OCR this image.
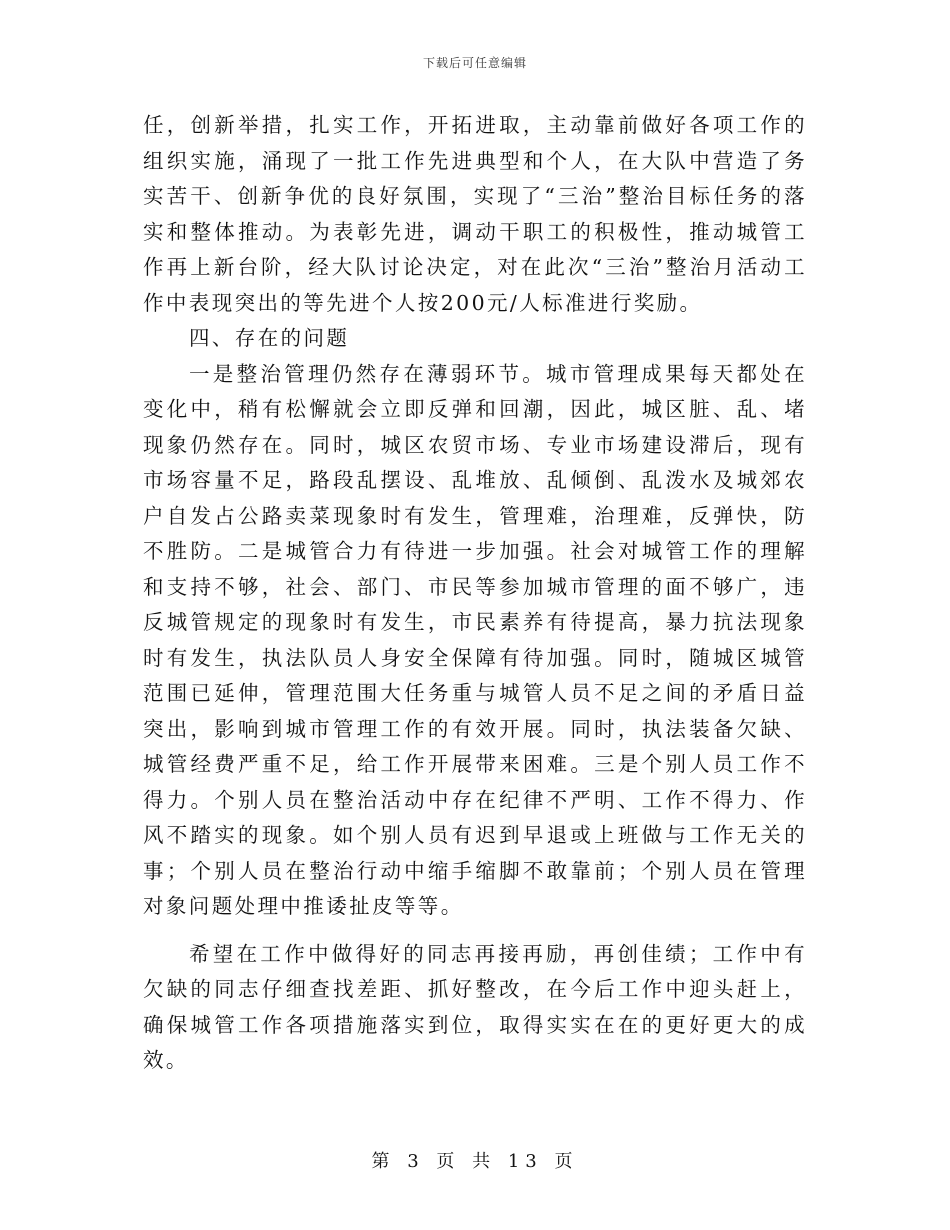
下载后可任意编辑

任，创新举措，扎实工作，开拓进取，主动靠前做好各项工作的组织实施，涌现了一批工作先进典型和个人，在大队中营造了务实苦干、创新争优的良好氛围，实现了“三治”整治目标任务的落实和整体推动。为表彰先进，调动干职工的积极性，推动城管工作再上新台阶，经大队讨论决定，对在此次“三治”整治月活动工作中表现突出的等先进个人按200元/人标准进行奖励。

四、存在的问题

一是整治管理仍然存在薄弱环节。城市管理成果每天都处在变化中，稍有松懈就会立即反弹和回潮，因此，城区脏、乱、堵现象仍然存在。同时，城区农贸市场、专业市场建设滞后，现有市场容量不足，路段乱摆设、乱堆放、乱倾倒、乱泼水及城郊农户自发占公路卖菜现象时有发生，管理难，治理难，反弹快，防不胜防。二是城管合力有待进一步加强。社会对城管工作的理解和支持不够，社会、部门、市民等参加城市管理的面不够广，违反城管规定的现象时有发生，市民素养有待提高，暴力抗法现象时有发生，执法队员人身安全保障有待加强。同时，随城区城管范围已延伸，管理范围大任务重与城管人员不足之间的矛盾日益突出，影响到城市管理工作的有效开展。同时，执法装备欠缺、城管经费严重不足，给工作开展带来困难。三是个别人员工作不得力。个别人员在整治活动中存在纪律不严明、工作不得力、作风不踏实的现象。如个别人员有迟到早退或上班做与工作无关的事；个别人员在整治行动中缩手缩脚不敢靠前；个别人员在管理对象问题处理中推诿扯皮等等。

希望在工作中做得好的同志再接再励，再创佳绩；工作中有欠缺的同志仔细查找差距、抓好整改，在今后工作中迎头赶上，确保城管工作各项措施落实到位，取得实实在在的更好更大的成效。

第 3 页 共 13 页
